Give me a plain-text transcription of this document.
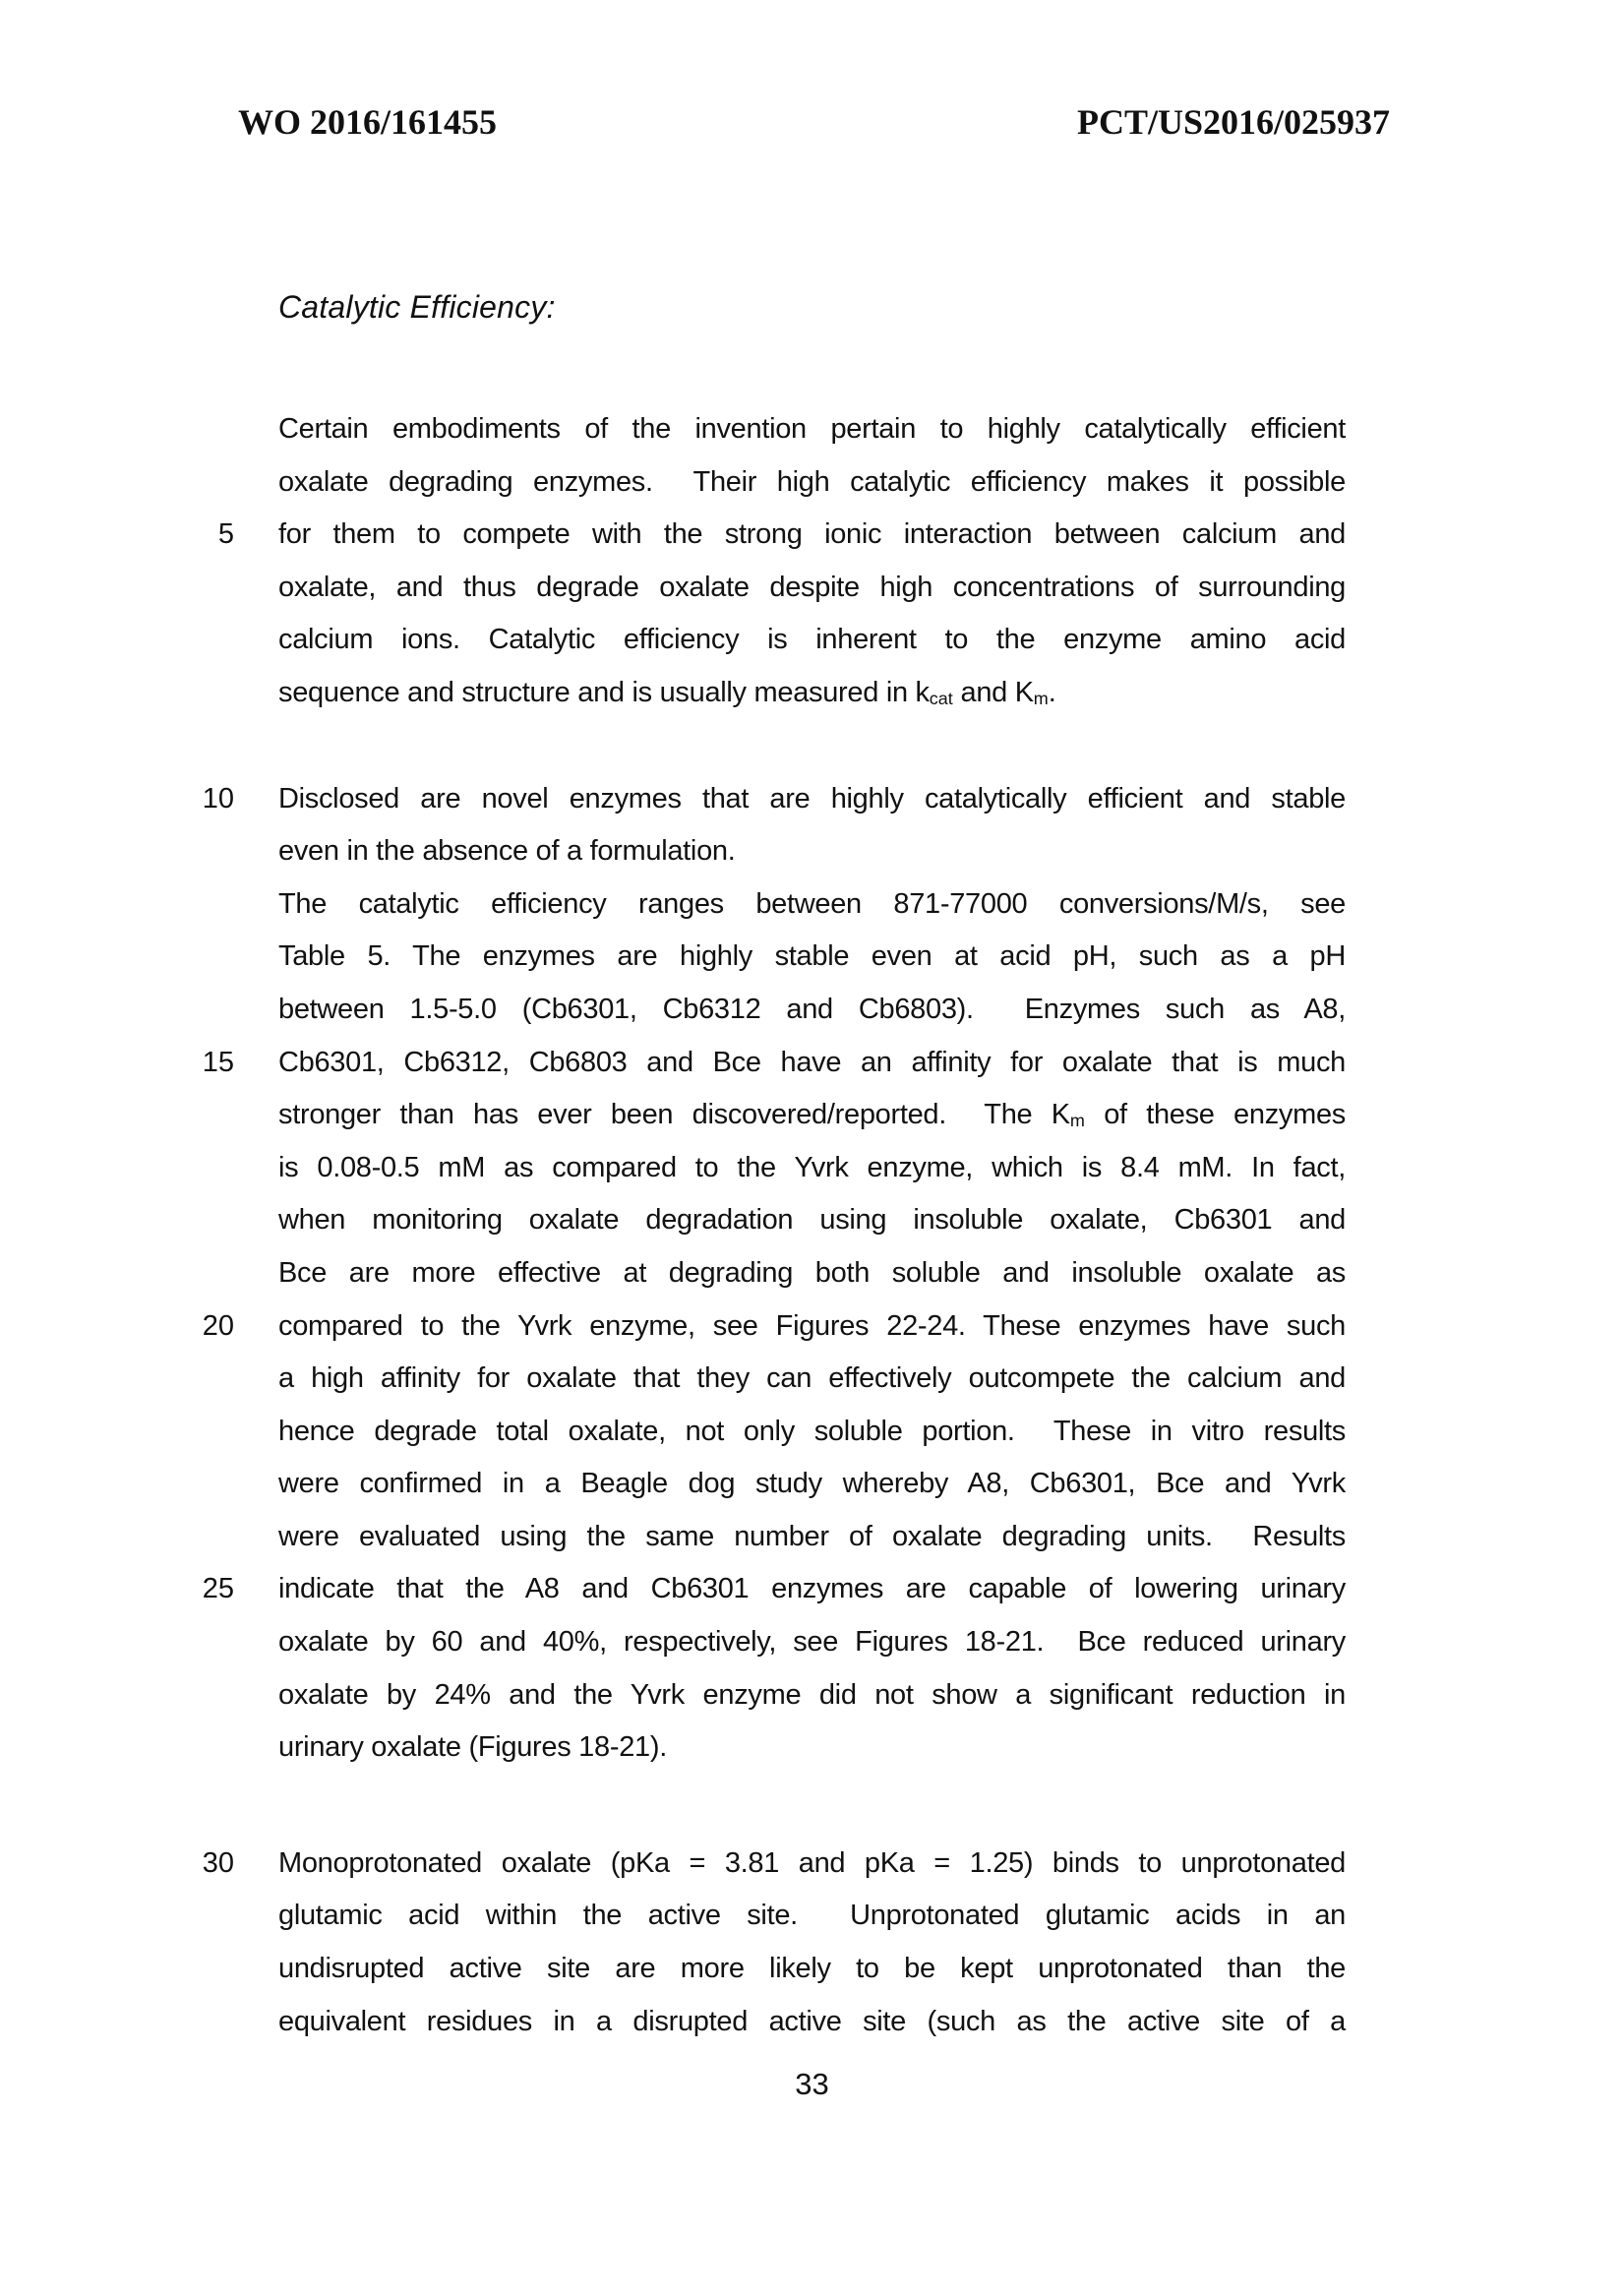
WO 2016/161455	PCT/US2016/025937
Catalytic Efficiency:
Certain embodiments of the invention pertain to highly catalytically efficient
oxalate degrading enzymes.  Their high catalytic efficiency makes it possible
5 for them to compete with the strong ionic interaction between calcium and
oxalate, and thus degrade oxalate despite high concentrations of surrounding
calcium ions. Catalytic efficiency is inherent to the enzyme amino acid
sequence and structure and is usually measured in $k_{cat}$ and $K_m$.
10 Disclosed are novel enzymes that are highly catalytically efficient and stable
even in the absence of a formulation.
The catalytic efficiency ranges between 871-77000 conversions/M/s, see
Table 5. The enzymes are highly stable even at acid pH, such as a pH
between 1.5-5.0 (Cb6301, Cb6312 and Cb6803).  Enzymes such as A8,
15 Cb6301, Cb6312, Cb6803 and Bce have an affinity for oxalate that is much
stronger than has ever been discovered/reported.  The $K_m$ of these enzymes
is 0.08-0.5 mM as compared to the Yvrk enzyme, which is 8.4 mM. In fact,
when monitoring oxalate degradation using insoluble oxalate, Cb6301 and
Bce are more effective at degrading both soluble and insoluble oxalate as
20 compared to the Yvrk enzyme, see Figures 22-24. These enzymes have such
a high affinity for oxalate that they can effectively outcompete the calcium and
hence degrade total oxalate, not only soluble portion.  These in vitro results
were confirmed in a Beagle dog study whereby A8, Cb6301, Bce and Yvrk
were evaluated using the same number of oxalate degrading units.  Results
25 indicate that the A8 and Cb6301 enzymes are capable of lowering urinary
oxalate by 60 and 40%, respectively, see Figures 18-21.  Bce reduced urinary
oxalate by 24% and the Yvrk enzyme did not show a significant reduction in
urinary oxalate (Figures 18-21).
30 Monoprotonated oxalate (pKa = 3.81 and pKa = 1.25) binds to unprotonated
glutamic acid within the active site.  Unprotonated glutamic acids in an
undisrupted active site are more likely to be kept unprotonated than the
equivalent residues in a disrupted active site (such as the active site of a
33
